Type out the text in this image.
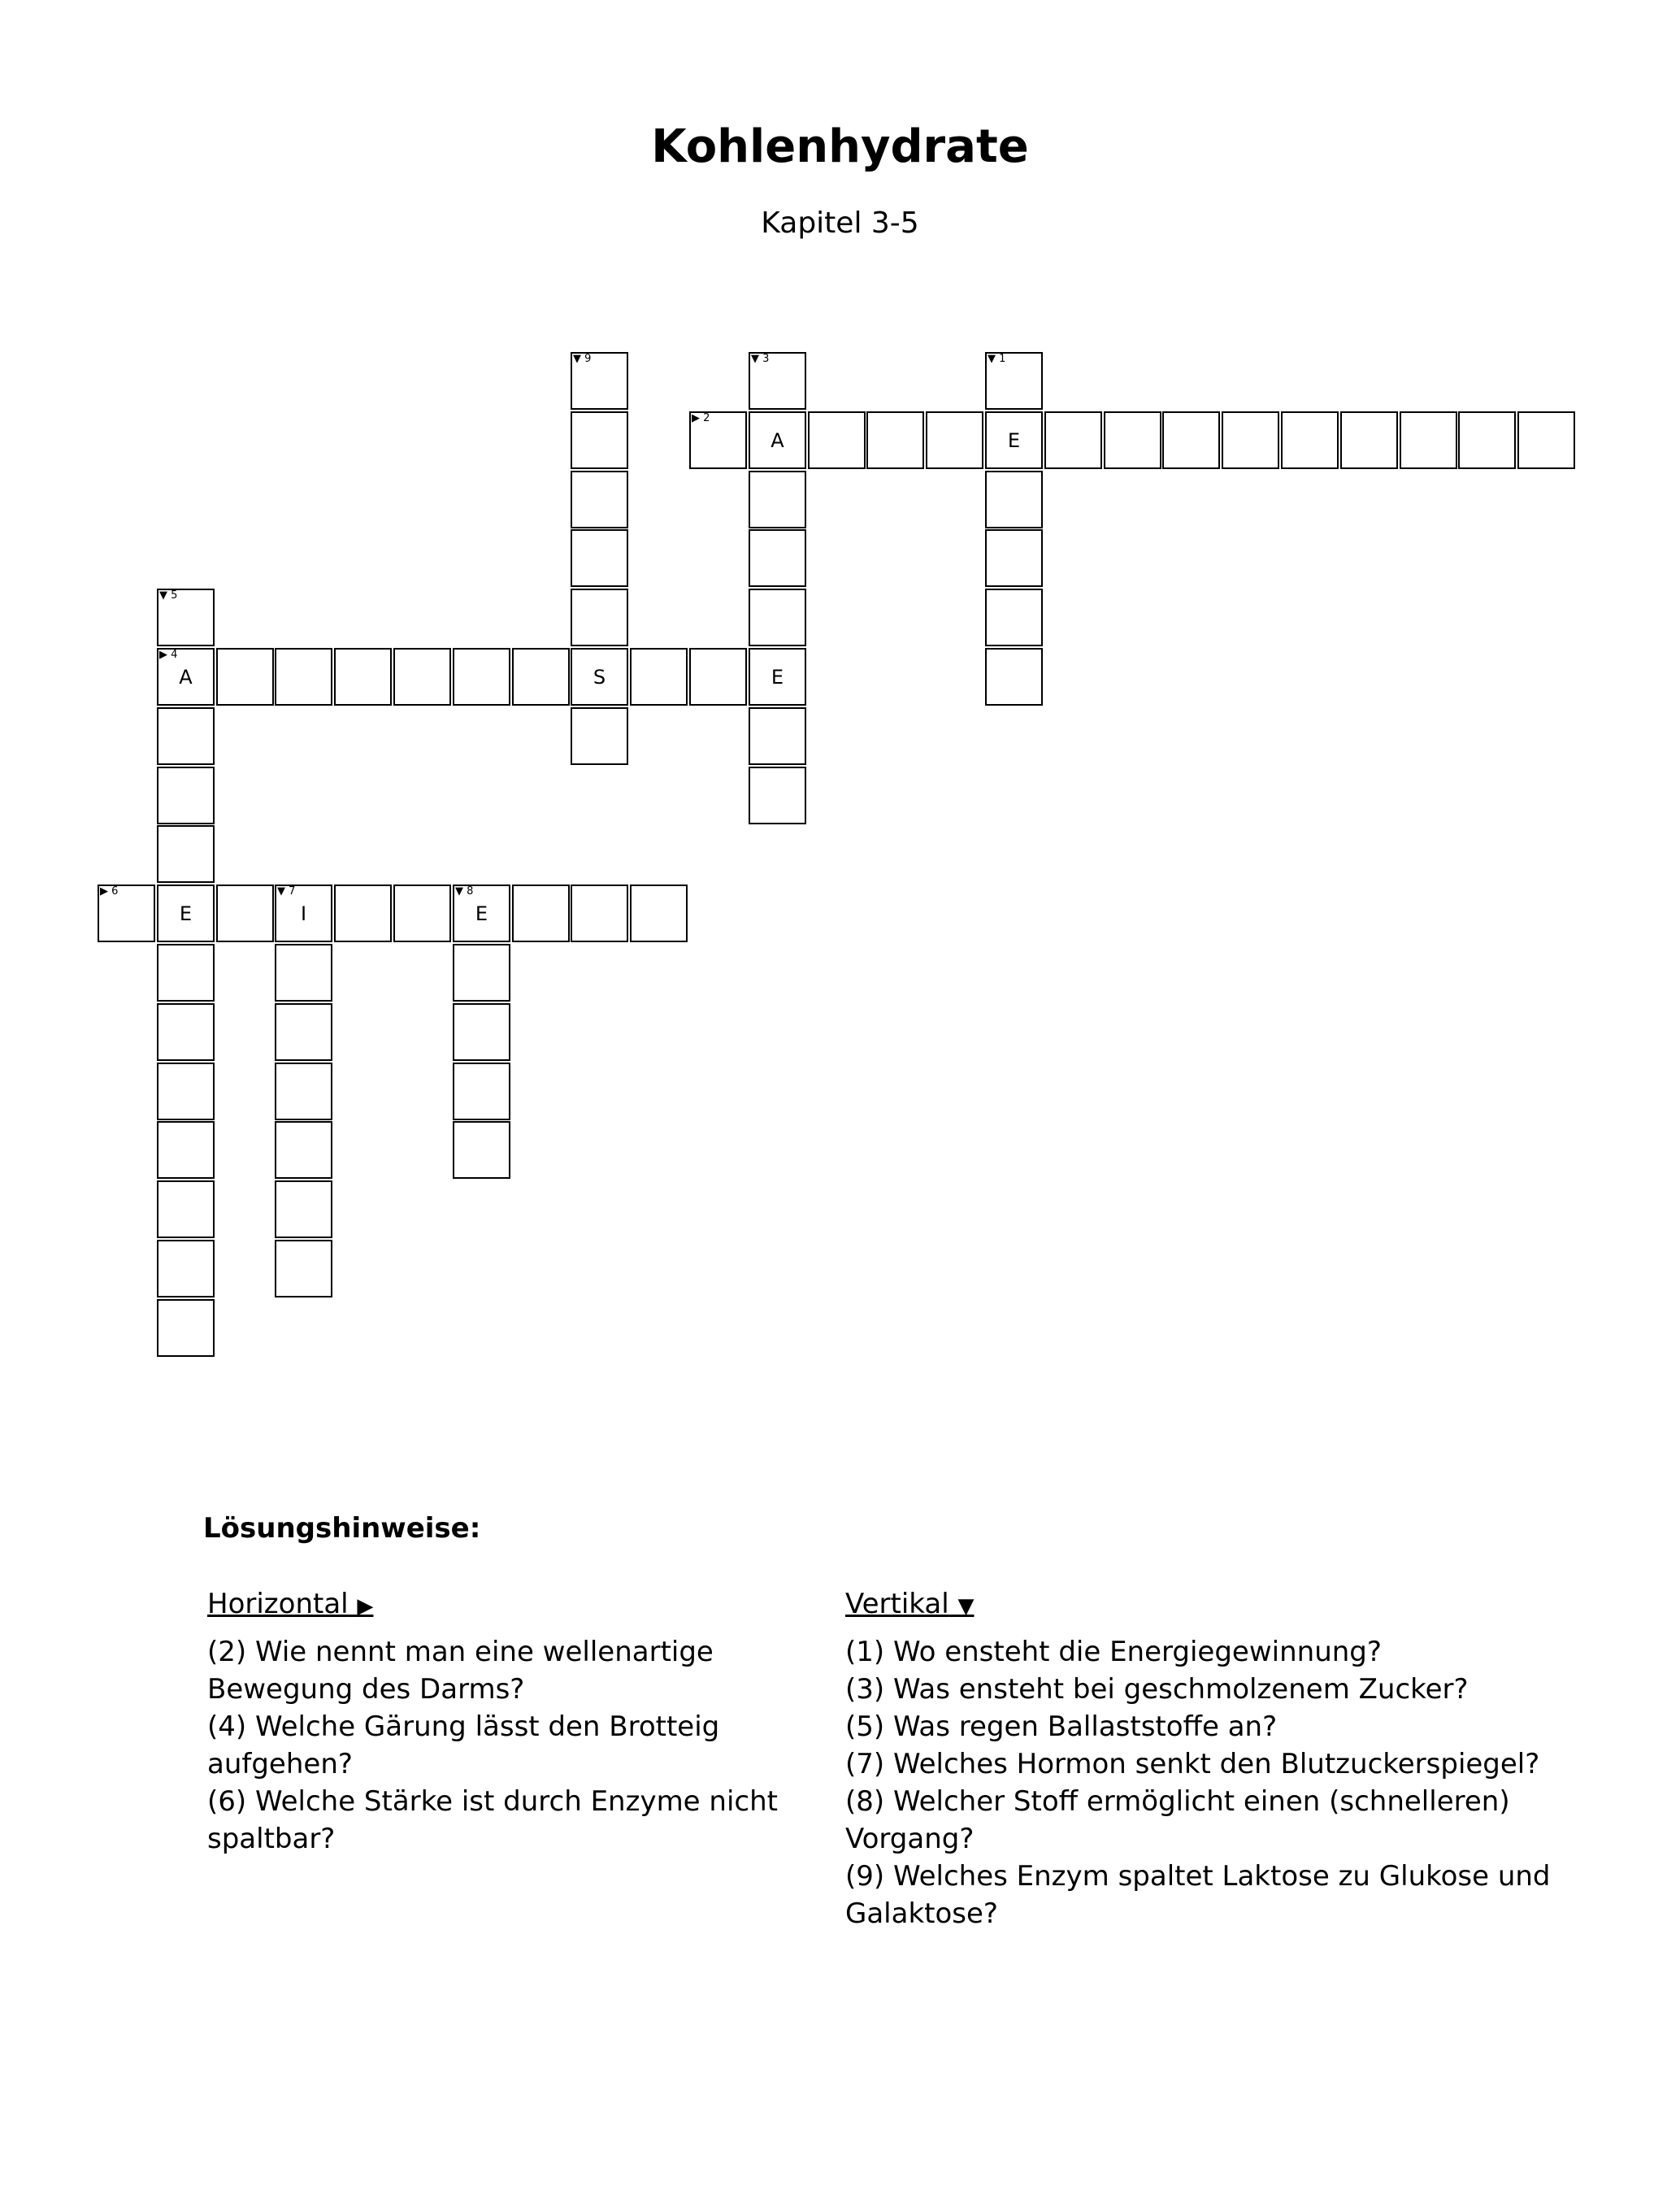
Kohlenhydrate
Kapitel 3-5
▼ 9	▼ 3	▼ 1
▶ 2
A	E
▼ 5
▶ 4
A	S	E
▶ 6
E
▼ 7
I
▼ 8
E
Lösungshinweise:
Horizontal ▶

(2) Wie nennt man eine wellenartige Bewegung des Darms?

(4) Welche Gärung lässt den Brotteig aufgehen?

(6) Welche Stärke ist durch Enzyme nicht spaltbar?

Vertikal ▼

(1) Wo ensteht die Energiegewinnung?

(3) Was ensteht bei geschmolzenem Zucker?

(5) Was regen Ballaststoffe an?

(7) Welches Hormon senkt den Blutzuckerspiegel?

(8) Welcher Stoff ermöglicht einen (schnelleren) Vorgang?

(9) Welches Enzym spaltet Laktose zu Glukose und Galaktose?
